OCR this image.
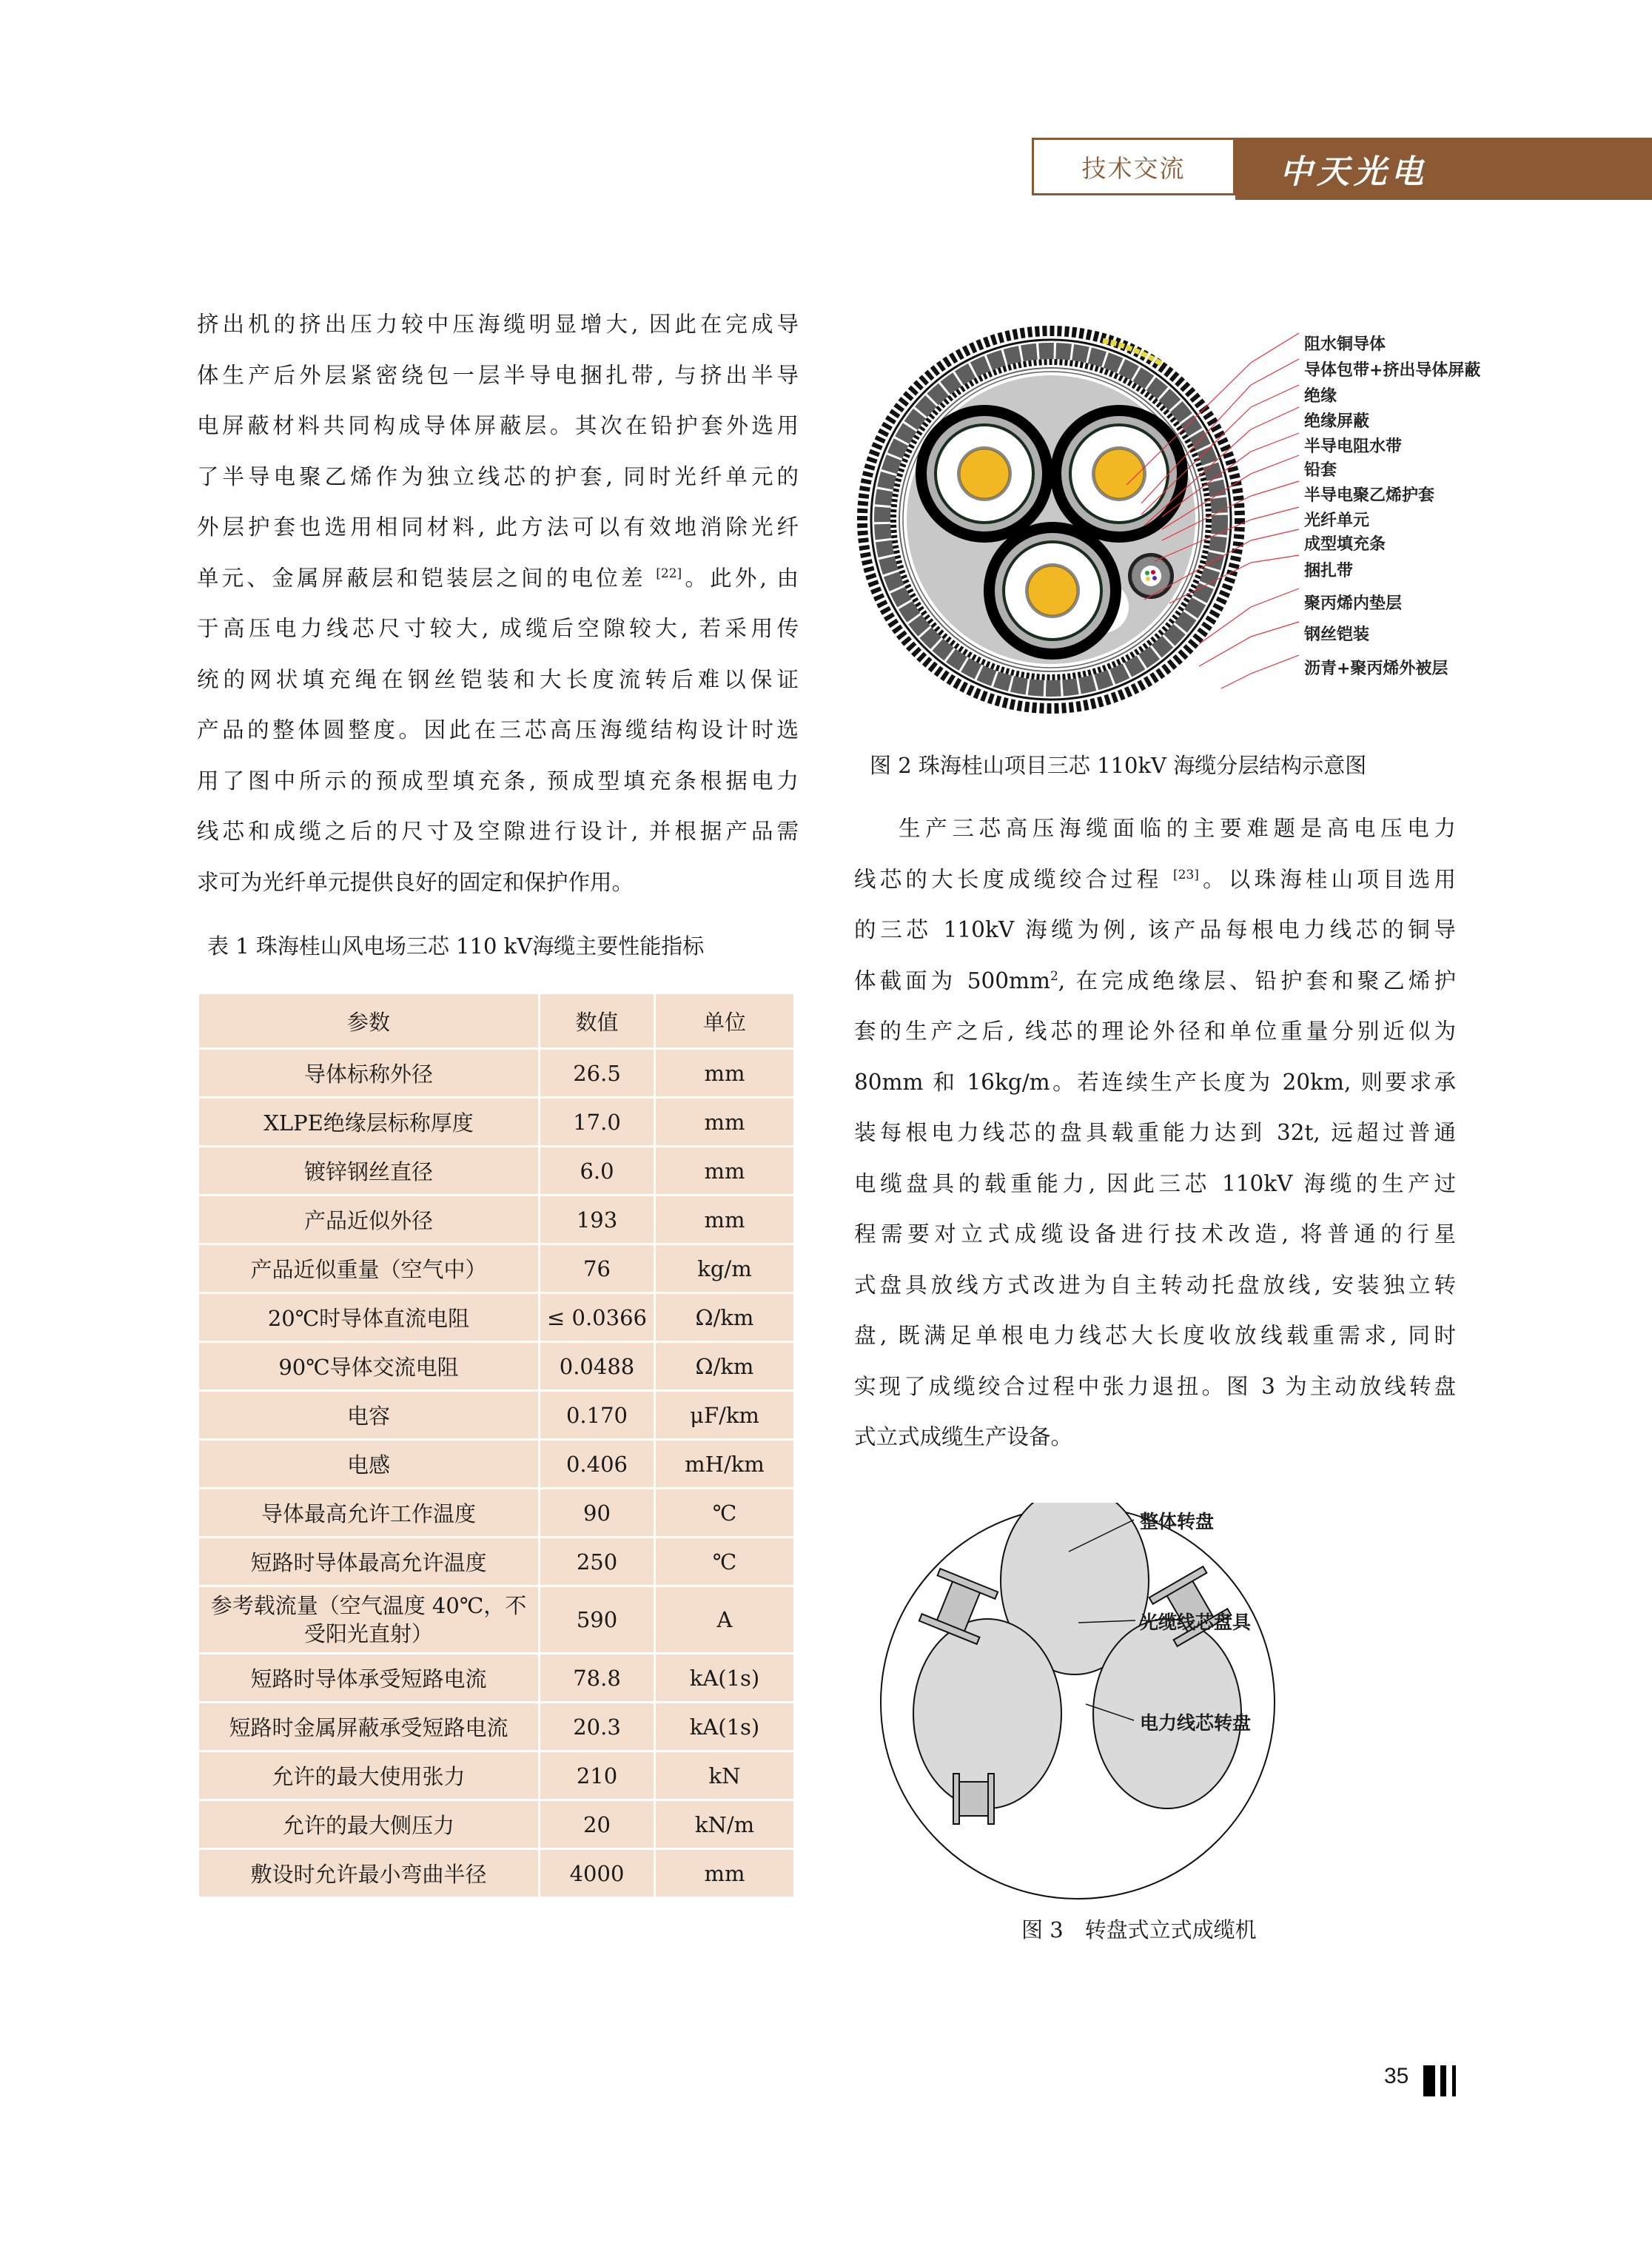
技术交流	中天光电
挤出机的挤出压力较中压海缆明显增大, 因此在完成导
体生产后外层紧密绕包一层半导电捆扎带, 与挤出半导
电屏蔽材料共同构成导体屏蔽层。其次在铅护套外选用
了半导电聚乙烯作为独立线芯的护套, 同时光纤单元的
外层护套也选用相同材料, 此方法可以有效地消除光纤
单元、金属屏蔽层和铠装层之间的电位差 [22]。此外, 由
于高压电力线芯尺寸较大, 成缆后空隙较大, 若采用传
统的网状填充绳在钢丝铠装和大长度流转后难以保证
产品的整体圆整度。因此在三芯高压海缆结构设计时选
用了图中所示的预成型填充条, 预成型填充条根据电力
线芯和成缆之后的尺寸及空隙进行设计, 并根据产品需
求可为光纤单元提供良好的固定和保护作用。
表 1 珠海桂山风电场三芯 110 kV海缆主要性能指标
参数	数值	单位
导体标称外径	26.5	mm
XLPE绝缘层标称厚度	17.0	mm
镀锌钢丝直径	6.0	mm
产品近似外径	193	mm
产品近似重量（空气中）	76	kg/m
20℃时导体直流电阻	≤ 0.0366	Ω/km
90℃导体交流电阻	0.0488	Ω/km
电容	0.170	μF/km
电感	0.406	mH/km
导体最高允许工作温度	90	℃
短路时导体最高允许温度	250	℃
参考载流量（空气温度 40℃，不
受阳光直射）	590	A
短路时导体承受短路电流	78.8	kA(1s)
短路时金属屏蔽承受短路电流	20.3	kA(1s)
允许的最大使用张力	210	kN
允许的最大侧压力	20	kN/m
敷设时允许最小弯曲半径	4000	mm
阻水铜导体
导体包带+挤出导体屏蔽
绝缘
绝缘屏蔽
半导电阻水带
铅套
半导电聚乙烯护套
光纤单元
成型填充条
捆扎带
聚丙烯内垫层
钢丝铠装
沥青+聚丙烯外被层
图 2 珠海桂山项目三芯 110kV 海缆分层结构示意图
生产三芯高压海缆面临的主要难题是高电压电力
线芯的大长度成缆绞合过程 [23]。以珠海桂山项目选用
的三芯 110kV 海缆为例, 该产品每根电力线芯的铜导
体截面为 $500mm^2$, 在完成绝缘层、铅护套和聚乙烯护
套的生产之后, 线芯的理论外径和单位重量分别近似为
80mm 和 16kg/m。若连续生产长度为 20km, 则要求承
装每根电力线芯的盘具载重能力达到 32t, 远超过普通
电缆盘具的载重能力, 因此三芯 110kV 海缆的生产过
程需要对立式成缆设备进行技术改造, 将普通的行星
式盘具放线方式改进为自主转动托盘放线, 安装独立转
盘, 既满足单根电力线芯大长度收放线载重需求, 同时
实现了成缆绞合过程中张力退扭。图 3 为主动放线转盘
式立式成缆生产设备。
整体转盘
光缆线芯盘具
电力线芯转盘
图 3　转盘式立式成缆机
35
